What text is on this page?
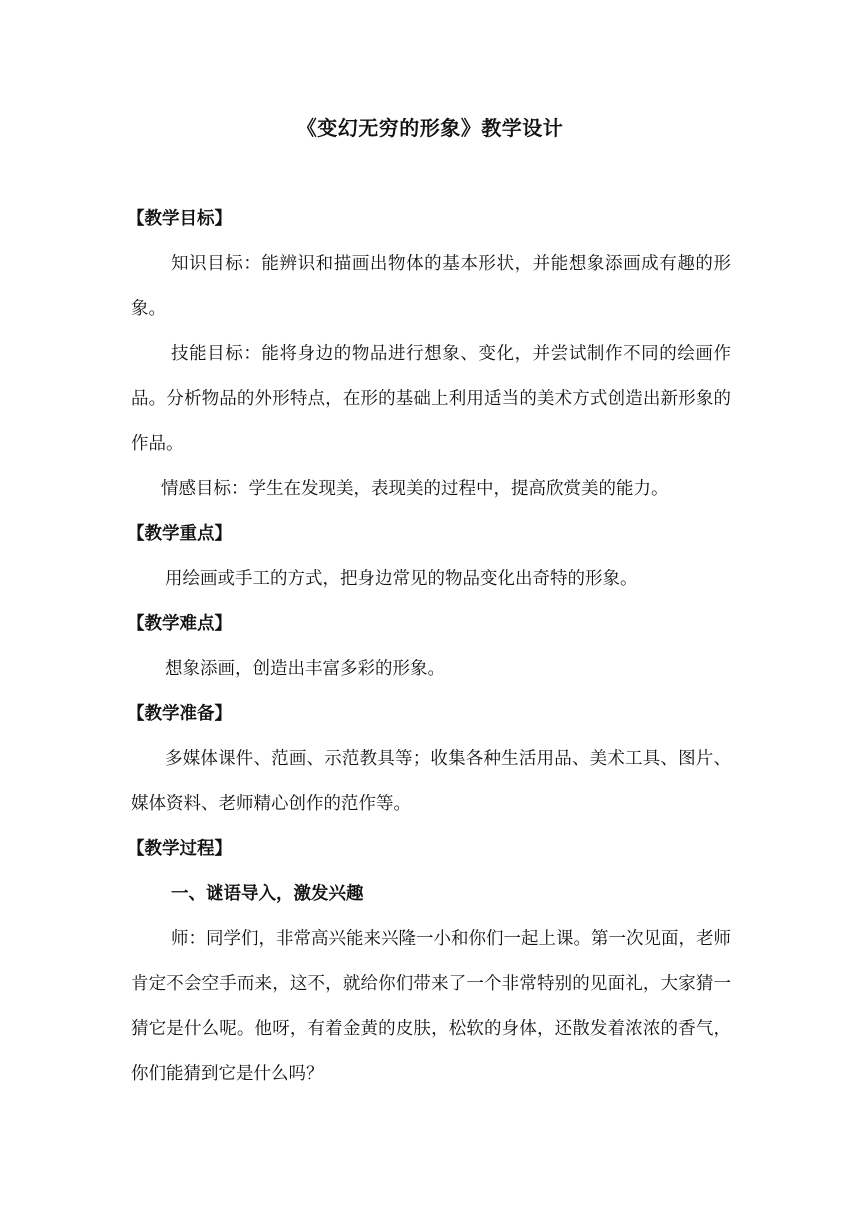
《变幻无穷的形象》教学设计
【教学目标】
知识目标：能辨识和描画出物体的基本形状，并能想象添画成有趣的形象。
技能目标：能将身边的物品进行想象、变化，并尝试制作不同的绘画作品。分析物品的外形特点，在形的基础上利用适当的美术方式创造出新形象的作品。
情感目标：学生在发现美，表现美的过程中，提高欣赏美的能力。
【教学重点】
用绘画或手工的方式，把身边常见的物品变化出奇特的形象。
【教学难点】
想象添画，创造出丰富多彩的形象。
【教学准备】
多媒体课件、范画、示范教具等；收集各种生活用品、美术工具、图片、媒体资料、老师精心创作的范作等。
【教学过程】
一、谜语导入，激发兴趣
师：同学们，非常高兴能来兴隆一小和你们一起上课。第一次见面，老师肯定不会空手而来，这不，就给你们带来了一个非常特别的见面礼，大家猜一猜它是什么呢。他呀，有着金黄的皮肤，松软的身体，还散发着浓浓的香气，你们能猜到它是什么吗？
